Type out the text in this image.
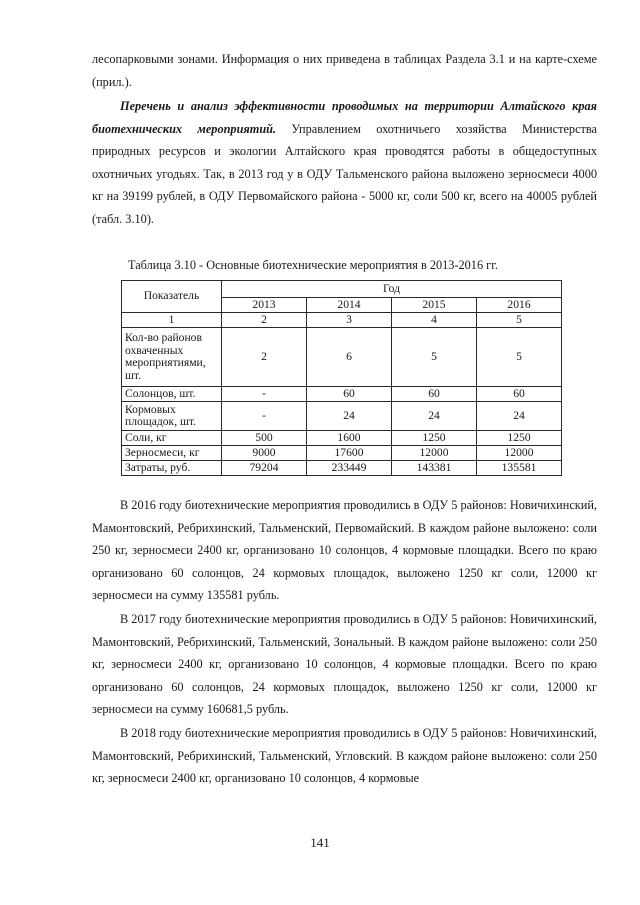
лесопарковыми зонами. Информация о них приведена в таблицах Раздела 3.1 и на карте-схеме (прил.).

Перечень и анализ эффективности проводимых на территории Алтайского края биотехнических мероприятий. Управлением охотничьего хозяйства Министерства природных ресурсов и экологии Алтайского края проводятся работы в общедоступных охотничьих угодьях. Так, в 2013 год у в ОДУ Тальменского района выложено зерносмеси 4000 кг на 39199 рублей, в ОДУ Первомайского района - 5000 кг, соли 500 кг, всего на 40005 рублей (табл. 3.10).

Таблица 3.10 - Основные биотехнические мероприятия в 2013-2016 гг.
Показатель	Год			
	2013	2014	2015	2016
1	2	3	4	5
Кол-во районов охваченных мероприятиями, шт.	2	6	5	5
Солонцов, шт.	-	60	60	60
Кормовых площадок, шт.	-	24	24	24
Соли, кг	500	1600	1250	1250
Зерносмеси, кг	9000	17600	12000	12000
Затраты, руб.	79204	233449	143381	135581

В 2016 году биотехнические мероприятия проводились в ОДУ 5 районов: Новичихинский, Мамонтовский, Ребрихинский, Тальменский, Первомайский. В каждом районе выложено: соли 250 кг, зерносмеси 2400 кг, организовано 10 солонцов, 4 кормовые площадки. Всего по краю организовано 60 солонцов, 24 кормовых площадок, выложено 1250 кг соли, 12000 кг зерносмеси на сумму 135581 рубль.

В 2017 году биотехнические мероприятия проводились в ОДУ 5 районов: Новичихинский, Мамонтовский, Ребрихинский, Тальменский, Зональный. В каждом районе выложено: соли 250 кг, зерносмеси 2400 кг, организовано 10 солонцов, 4 кормовые площадки. Всего по краю организовано 60 солонцов, 24 кормовых площадок, выложено 1250 кг соли, 12000 кг зерносмеси на сумму 160681,5 рубль.

В 2018 году биотехнические мероприятия проводились в ОДУ 5 районов: Новичихинский, Мамонтовский, Ребрихинский, Тальменский, Угловский. В каждом районе выложено: соли 250 кг, зерносмеси 2400 кг, организовано 10 солонцов, 4 кормовые

141
